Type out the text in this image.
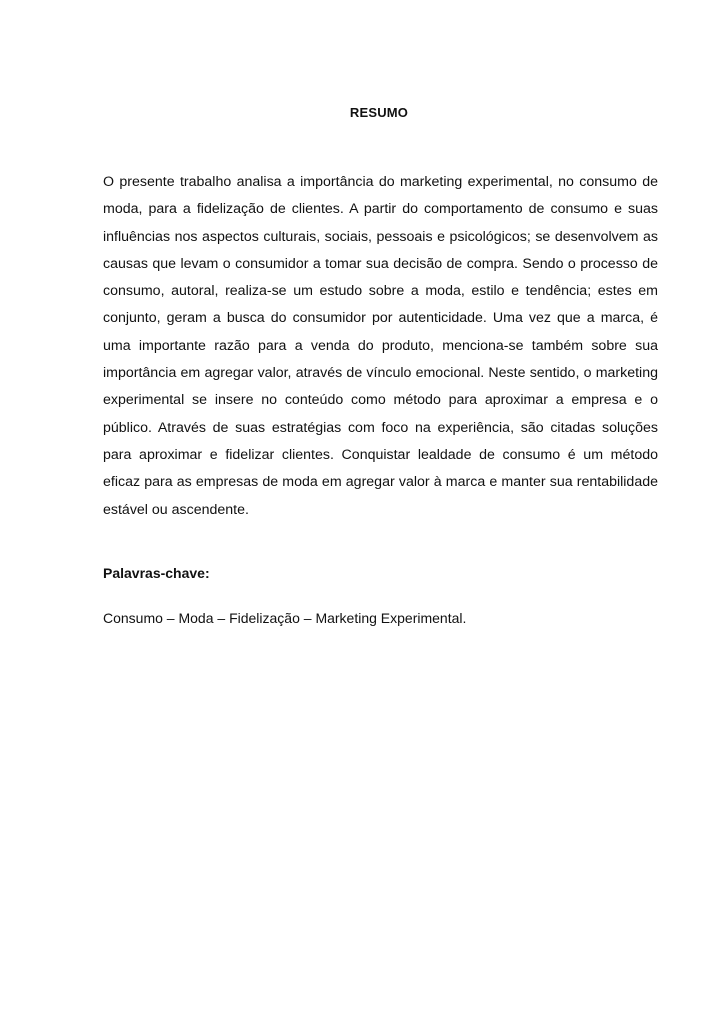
RESUMO

O presente trabalho analisa a importância do marketing experimental, no consumo de moda, para a fidelização de clientes. A partir do comportamento de consumo e suas influências nos aspectos culturais, sociais, pessoais e psicológicos; se desenvolvem as causas que levam o consumidor a tomar sua decisão de compra. Sendo o processo de consumo, autoral, realiza-se um estudo sobre a moda, estilo e tendência; estes em conjunto, geram a busca do consumidor por autenticidade. Uma vez que a marca, é uma importante razão para a venda do produto, menciona-se também sobre sua importância em agregar valor, através de vínculo emocional. Neste sentido, o marketing experimental se insere no conteúdo como método para aproximar a empresa e o público. Através de suas estratégias com foco na experiência, são citadas soluções para aproximar e fidelizar clientes. Conquistar lealdade de consumo é um método eficaz para as empresas de moda em agregar valor à marca e manter sua rentabilidade estável ou ascendente.

Palavras-chave:

Consumo – Moda – Fidelização – Marketing Experimental.
